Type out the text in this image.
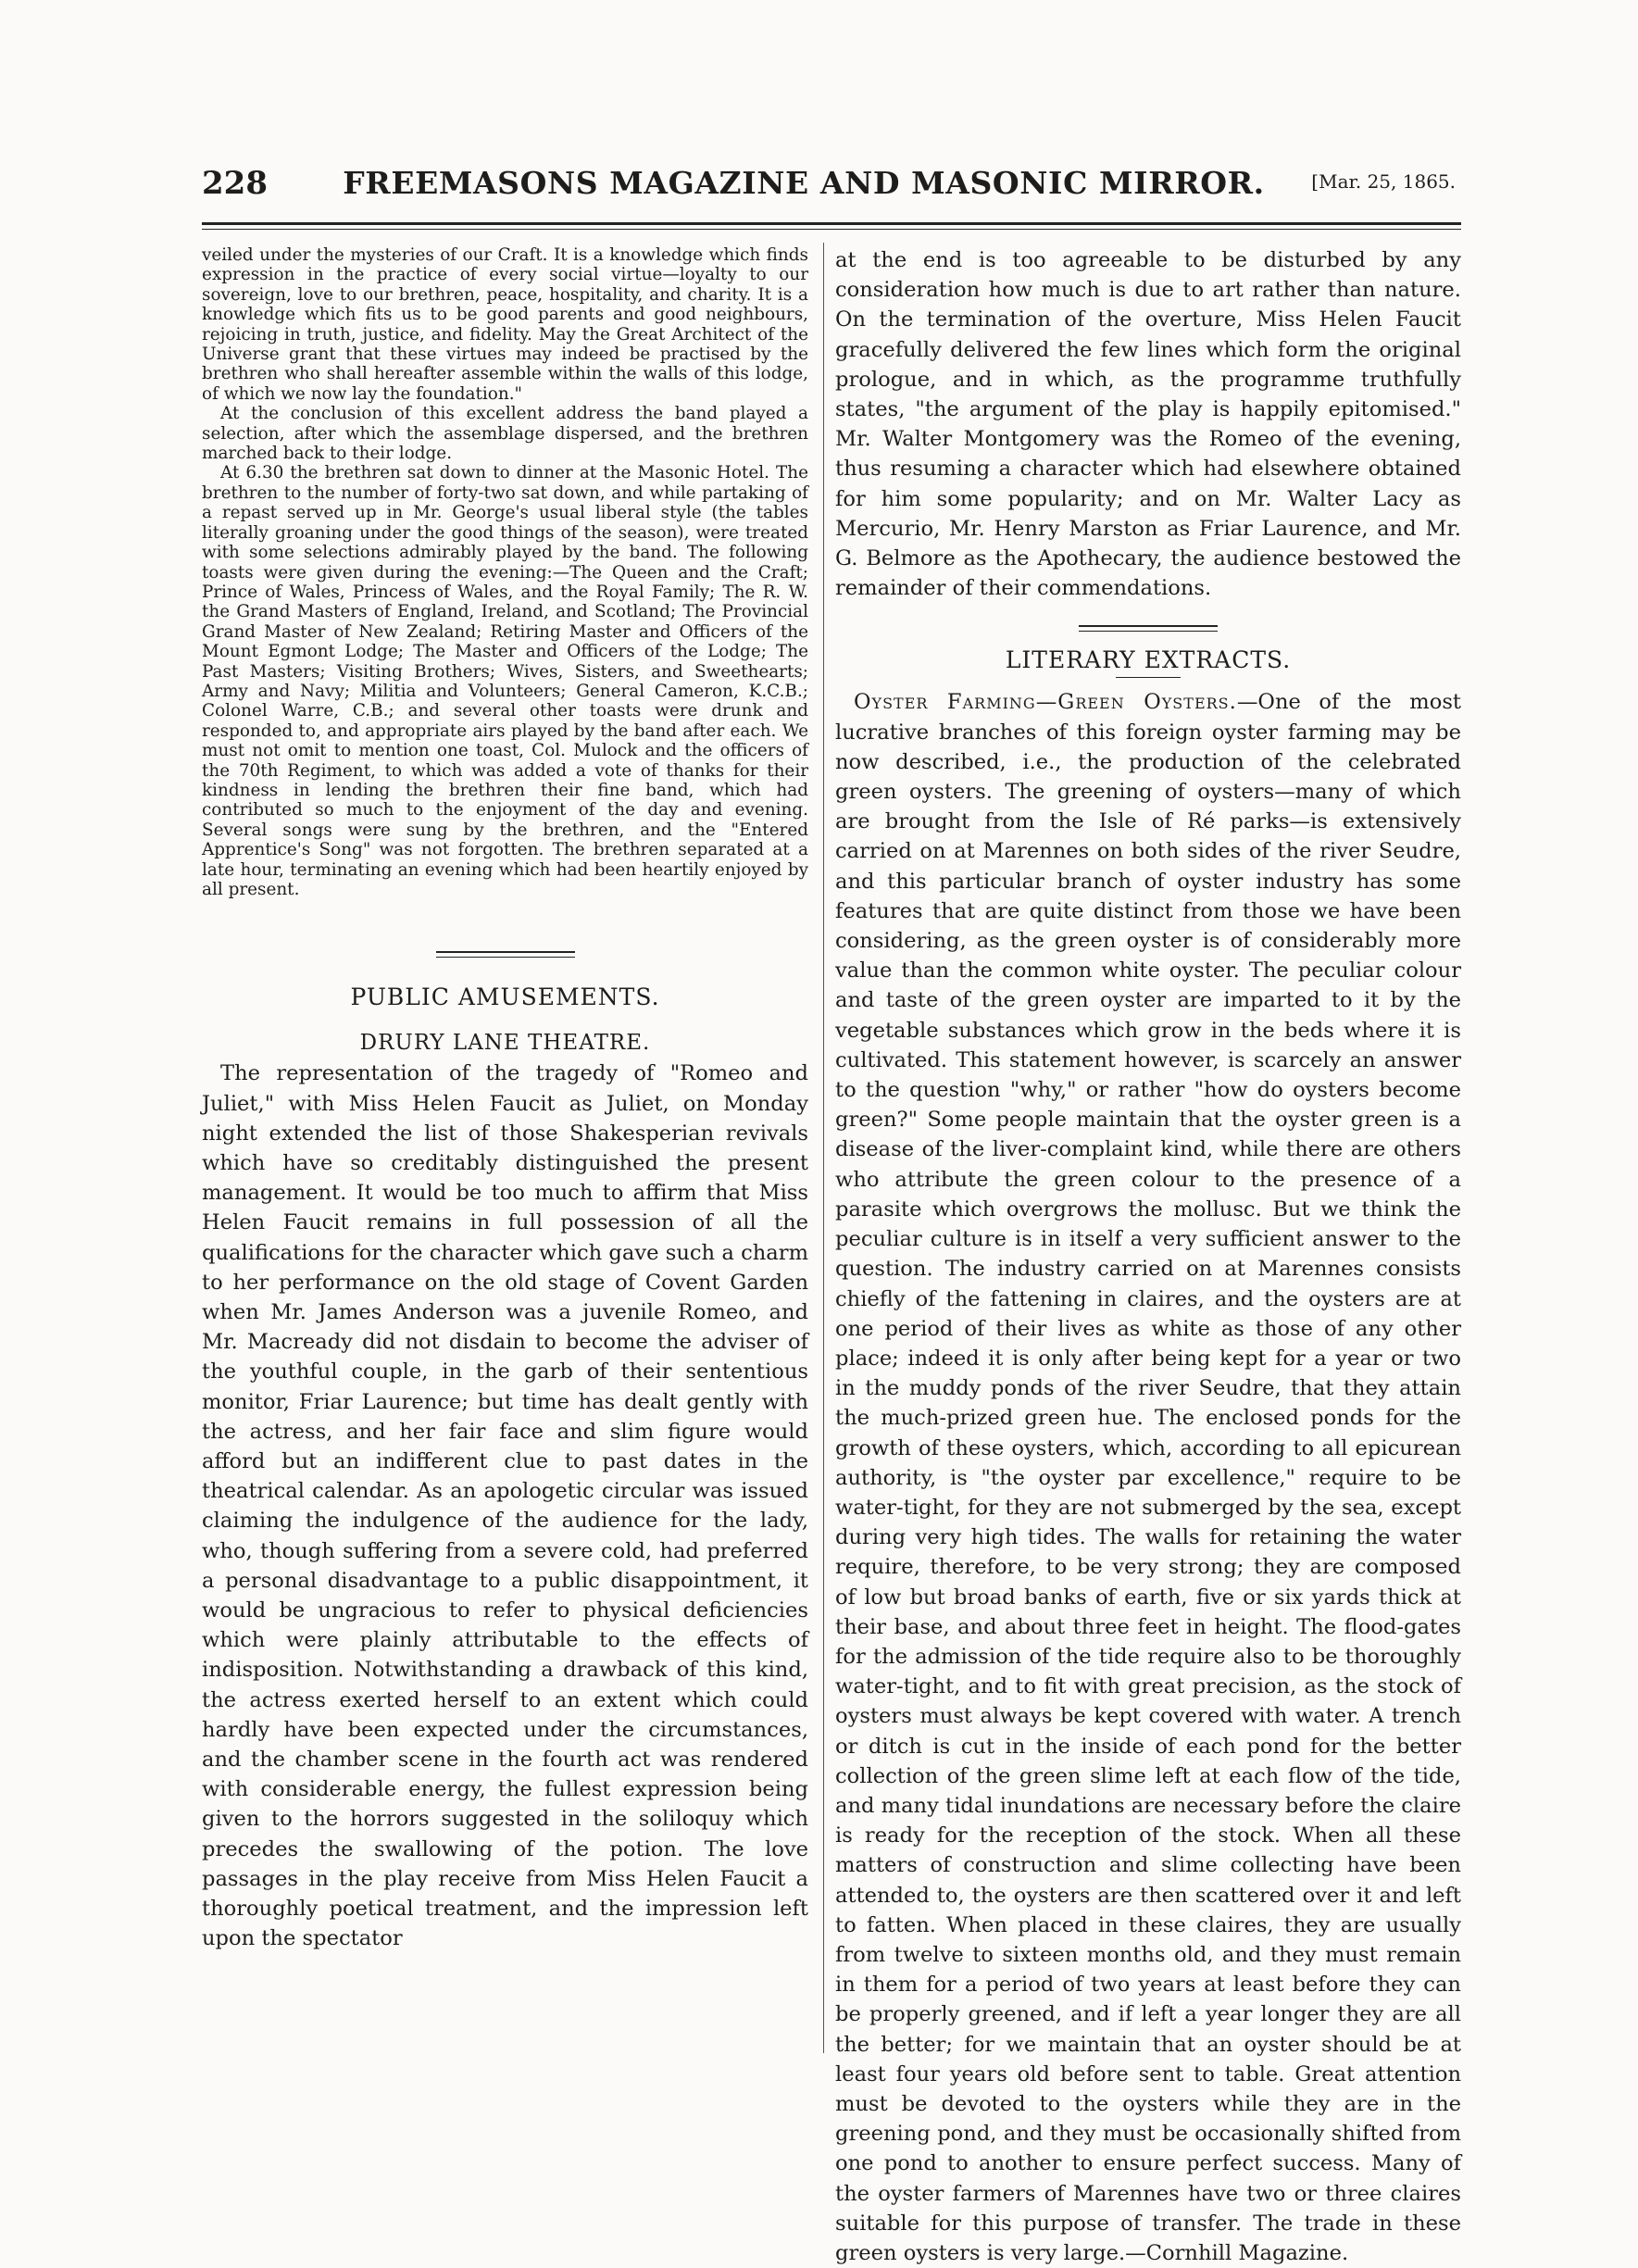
228	FREEMASONS MAGAZINE AND MASONIC MIRROR.	[Mar. 25, 1865.

veiled under the mysteries of our Craft. It is a knowledge which finds expression in the practice of every social virtue—loyalty to our sovereign, love to our brethren, peace, hospitality, and charity. It is a knowledge which fits us to be good parents and good neighbours, rejoicing in truth, justice, and fidelity. May the Great Architect of the Universe grant that these virtues may indeed be practised by the brethren who shall hereafter assemble within the walls of this lodge, of which we now lay the foundation."

At the conclusion of this excellent address the band played a selection, after which the assemblage dispersed, and the brethren marched back to their lodge.

At 6.30 the brethren sat down to dinner at the Masonic Hotel. The brethren to the number of forty-two sat down, and while partaking of a repast served up in Mr. George's usual liberal style (the tables literally groaning under the good things of the season), were treated with some selections admirably played by the band. The following toasts were given during the evening:—The Queen and the Craft; Prince of Wales, Princess of Wales, and the Royal Family; The R. W. the Grand Masters of England, Ireland, and Scotland; The Provincial Grand Master of New Zealand; Retiring Master and Officers of the Mount Egmont Lodge; The Master and Officers of the Lodge; The Past Masters; Visiting Brothers; Wives, Sisters, and Sweethearts; Army and Navy; Militia and Volunteers; General Cameron, K.C.B.; Colonel Warre, C.B.; and several other toasts were drunk and responded to, and appropriate airs played by the band after each. We must not omit to mention one toast, Col. Mulock and the officers of the 70th Regiment, to which was added a vote of thanks for their kindness in lending the brethren their fine band, which had contributed so much to the enjoyment of the day and evening. Several songs were sung by the brethren, and the "Entered Apprentice's Song" was not forgotten. The brethren separated at a late hour, terminating an evening which had been heartily enjoyed by all present.

PUBLIC AMUSEMENTS.
DRURY LANE THEATRE.

The representation of the tragedy of "Romeo and Juliet," with Miss Helen Faucit as Juliet, on Monday night extended the list of those Shakesperian revivals which have so creditably distinguished the present management. It would be too much to affirm that Miss Helen Faucit remains in full possession of all the qualifications for the character which gave such a charm to her performance on the old stage of Covent Garden when Mr. James Anderson was a juvenile Romeo, and Mr. Macready did not disdain to become the adviser of the youthful couple, in the garb of their sententious monitor, Friar Laurence; but time has dealt gently with the actress, and her fair face and slim figure would afford but an indifferent clue to past dates in the theatrical calendar. As an apologetic circular was issued claiming the indulgence of the audience for the lady, who, though suffering from a severe cold, had preferred a personal disadvantage to a public disappointment, it would be ungracious to refer to physical deficiencies which were plainly attributable to the effects of indisposition. Notwithstanding a drawback of this kind, the actress exerted herself to an extent which could hardly have been expected under the circumstances, and the chamber scene in the fourth act was rendered with considerable energy, the fullest expression being given to the horrors suggested in the soliloquy which precedes the swallowing of the potion. The love passages in the play receive from Miss Helen Faucit a thoroughly poetical treatment, and the impression left upon the spectator

at the end is too agreeable to be disturbed by any consideration how much is due to art rather than nature. On the termination of the overture, Miss Helen Faucit gracefully delivered the few lines which form the original prologue, and in which, as the programme truthfully states, "the argument of the play is happily epitomised." Mr. Walter Montgomery was the Romeo of the evening, thus resuming a character which had elsewhere obtained for him some popularity; and on Mr. Walter Lacy as Mercurio, Mr. Henry Marston as Friar Laurence, and Mr. G. Belmore as the Apothecary, the audience bestowed the remainder of their commendations.

LITERARY EXTRACTS.

Oyster Farming—Green Oysters.—One of the most lucrative branches of this foreign oyster farming may be now described, i.e., the production of the celebrated green oysters. The greening of oysters—many of which are brought from the Isle of Ré parks—is extensively carried on at Marennes on both sides of the river Seudre, and this particular branch of oyster industry has some features that are quite distinct from those we have been considering, as the green oyster is of considerably more value than the common white oyster. The peculiar colour and taste of the green oyster are imparted to it by the vegetable substances which grow in the beds where it is cultivated. This statement however, is scarcely an answer to the question "why," or rather "how do oysters become green?" Some people maintain that the oyster green is a disease of the liver-complaint kind, while there are others who attribute the green colour to the presence of a parasite which overgrows the mollusc. But we think the peculiar culture is in itself a very sufficient answer to the question. The industry carried on at Marennes consists chiefly of the fattening in claires, and the oysters are at one period of their lives as white as those of any other place; indeed it is only after being kept for a year or two in the muddy ponds of the river Seudre, that they attain the much-prized green hue. The enclosed ponds for the growth of these oysters, which, according to all epicurean authority, is "the oyster par excellence," require to be water-tight, for they are not submerged by the sea, except during very high tides. The walls for retaining the water require, therefore, to be very strong; they are composed of low but broad banks of earth, five or six yards thick at their base, and about three feet in height. The flood-gates for the admission of the tide require also to be thoroughly water-tight, and to fit with great precision, as the stock of oysters must always be kept covered with water. A trench or ditch is cut in the inside of each pond for the better collection of the green slime left at each flow of the tide, and many tidal inundations are necessary before the claire is ready for the reception of the stock. When all these matters of construction and slime collecting have been attended to, the oysters are then scattered over it and left to fatten. When placed in these claires, they are usually from twelve to sixteen months old, and they must remain in them for a period of two years at least before they can be properly greened, and if left a year longer they are all the better; for we maintain that an oyster should be at least four years old before sent to table. Great attention must be devoted to the oysters while they are in the greening pond, and they must be occasionally shifted from one pond to another to ensure perfect success. Many of the oyster farmers of Marennes have two or three claires suitable for this purpose of transfer. The trade in these green oysters is very large.—Cornhill Magazine.
